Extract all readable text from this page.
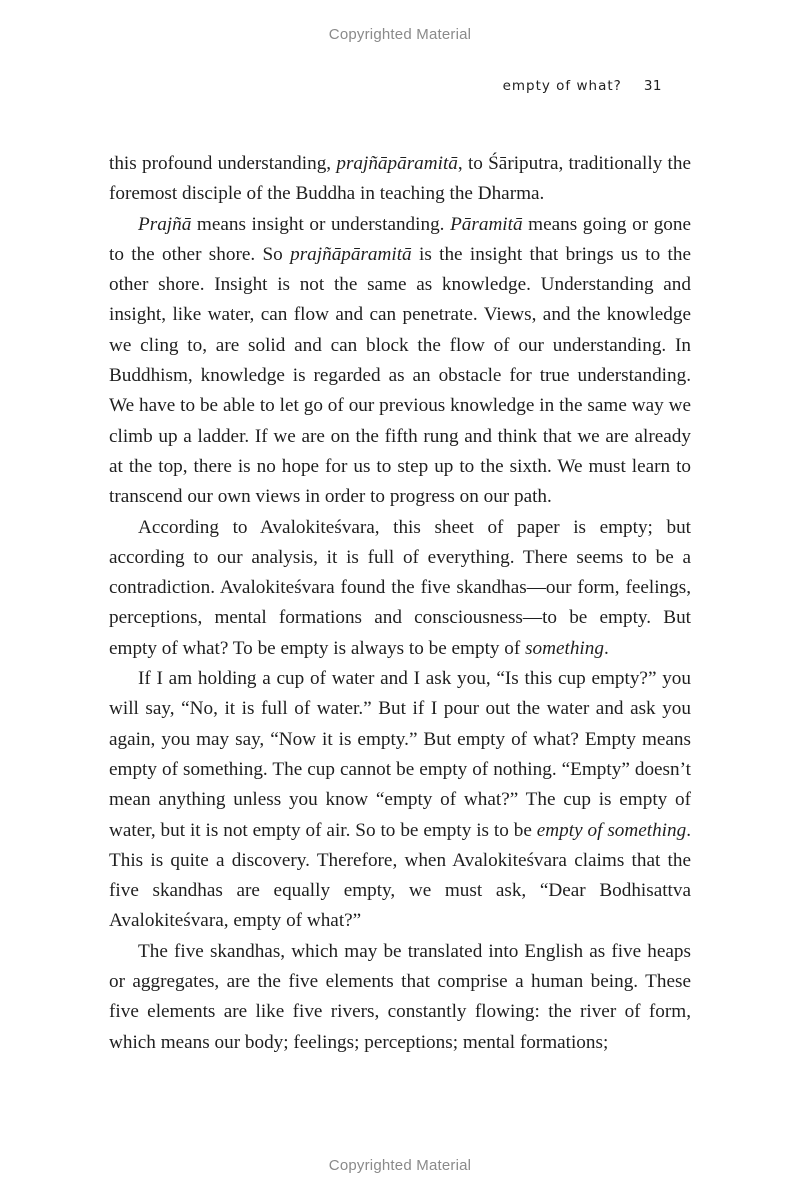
Copyrighted Material
empty of what? 31

this profound understanding, prajñāpāramitā, to Śāriputra, traditionally the foremost disciple of the Buddha in teaching the Dharma.

Prajñā means insight or understanding. Pāramitā means going or gone to the other shore. So prajñāpāramitā is the insight that brings us to the other shore. Insight is not the same as knowledge. Understanding and insight, like water, can flow and can penetrate. Views, and the knowledge we cling to, are solid and can block the flow of our understanding. In Buddhism, knowledge is regarded as an obstacle for true understanding. We have to be able to let go of our previous knowledge in the same way we climb up a ladder. If we are on the fifth rung and think that we are already at the top, there is no hope for us to step up to the sixth. We must learn to transcend our own views in order to progress on our path.

According to Avalokiteśvara, this sheet of paper is empty; but according to our analysis, it is full of everything. There seems to be a contradiction. Avalokiteśvara found the five skandhas—our form, feelings, perceptions, mental formations and consciousness—to be empty. But empty of what? To be empty is always to be empty of something.

If I am holding a cup of water and I ask you, “Is this cup empty?” you will say, “No, it is full of water.” But if I pour out the water and ask you again, you may say, “Now it is empty.” But empty of what? Empty means empty of something. The cup cannot be empty of nothing. “Empty” doesn’t mean anything unless you know “empty of what?” The cup is empty of water, but it is not empty of air. So to be empty is to be empty of something. This is quite a discovery. Therefore, when Avalokiteśvara claims that the five skandhas are equally empty, we must ask, “Dear Bodhisattva Avalokiteśvara, empty of what?”

The five skandhas, which may be translated into English as five heaps or aggregates, are the five elements that comprise a human being. These five elements are like five rivers, constantly flowing: the river of form, which means our body; feelings; perceptions; mental formations;

Copyrighted Material
